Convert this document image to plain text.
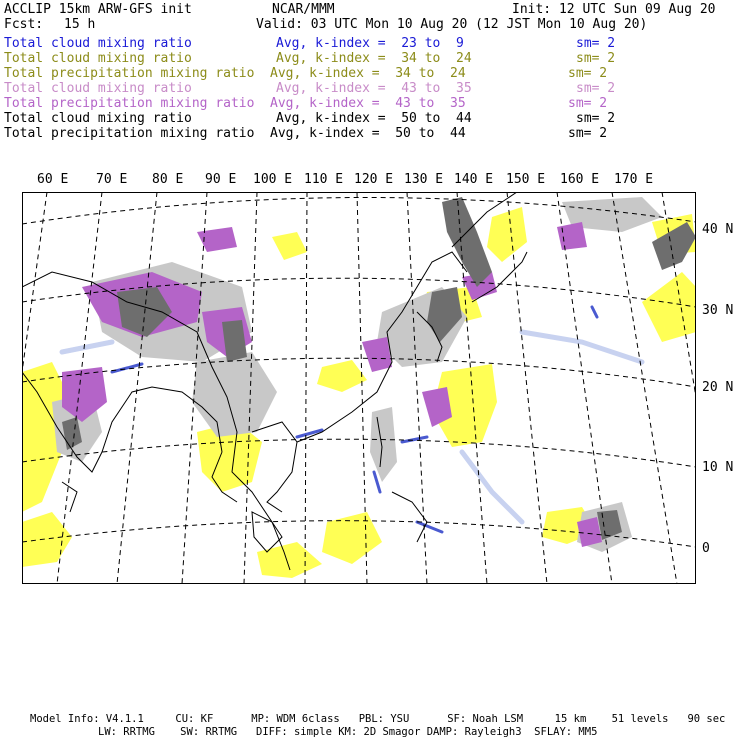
ACCLIP 15km ARW-GFS init	NCAR/MMM	Init: 12 UTC Sun 09 Aug 20
Fcst: 15 h	Valid: 03 UTC Mon 10 Aug 20 (12 JST Mon 10 Aug 20)
Total cloud mixing ratio	Avg, k-index =  23 to  9	sm= 2
Total cloud mixing ratio	Avg, k-index =  34 to  24	sm= 2
Total precipitation mixing ratio Avg, k-index =  34 to  24	sm= 2
Total cloud mixing ratio	Avg, k-index =  43 to  35	sm= 2
Total precipitation mixing ratio Avg, k-index =  43 to  35	sm= 2
Total cloud mixing ratio	Avg, k-index =  50 to  44	sm= 2
Total precipitation mixing ratio Avg, k-index =  50 to  44	sm= 2
60 E 70 E 80 E 90 E 100 E 110 E 120 E 130 E 140 E 150 E 160 E 170 E
40 N
30 N
20 N
10 N
0
Model Info: V4.1.1     CU: KF      MP: WDM 6class   PBL: YSU      SF: Noah LSM     15 km    51 levels   90 sec
LW: RRTMG    SW: RRTMG   DIFF: simple KM: 2D Smagor DAMP: Rayleigh3  SFLAY: MM5
